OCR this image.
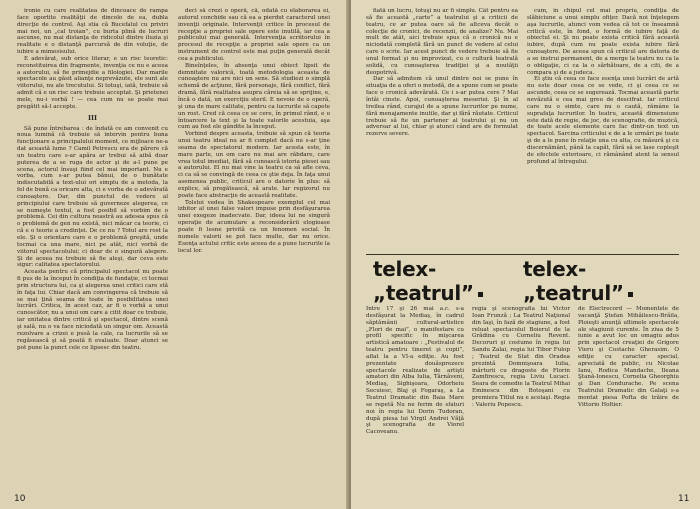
ironie cu care realitatea de dincoace de rampa face oportite realităţii de dincolo de ea, dubla direcţie de control. Aşi stia că Bucefalul cu priviri mai noi, un „cal troian”, cu burta plină de lucruri ascunse, nu mai distanţa de ridicolul dintre iluzia şi realitate e o distanţă parcursă de din voluţie, de iubire a mimesisului.

E adevărat, sub orice literar, e un risc teoretic: reconstituirea din fragmente, invenţia ce nu e aceea a autorului, să fie primejdie a filologiei. Dar marile spectacole au găsit alianţe neprevăzute, ele sunt ale viitorului, nu ale trecutului. Si totuşi, iată, trebuie să admit că e un risc care trebuie acceptat. Şi prietenei mele, nu-i vorbă ! — cea cum nu se poate mai pregătit să-l accepte.

III

Să pune întrebarea : de îndată ce am convenit cu noua lumină că trebuie să intervin pentru buna funcţionare a principalului moment, ce mijloace ne-a dat această lume ? Camil Petrescu era de părere că un teatru care s-ar apăra ar trebui să aibă doar puterea de a se ruga de actor şi de a-l pune pe scena, actorul însuşi fiind cel mai important. Nu e vorba, cum s-ar putea bănui, de o bunătate indiscutabilă a text-ului ori simplu de a metoda, la fel de bună ca oricare alta, ci e vorba de o adevărată cunoaştere. Dar, din punctul de vedere al principiului care trebuie să guverneze alegerea, ce se numeşte textul, a fost posibil să vorbim de o problemă. Cei din cultura noastră au adesea spus că o problemă de gen nu există, nici măcar ca teorie, ci că e o teorie a credinţei. De ce nu ? Totul are rost la ele. Şi o orientare care e o problemă greşită, unde tocmai ca una mare, nici pe atât, nici vorbă de viitorul spectacolului; ci doar de o singură alegere. Şi de aceea nu trebuie să fie aleşi, dar ceva este sigur: calitatea spectatorului.

Aceasta pentru că principalul spectacol nu poate fi pus de la început în condiţia de fundaţie, ci tocmai prin structura lui, ca şi alegerea unei critici care stă în faţa lui. Chiar dacă am convingerea că trebuie să se mai ţină seama de toate în posibilitatea unei lucrări. Critica, în acest caz, ar fi o vorbă a unui cunoscător, nu a unui om care a citit doar ce trebuie, iar unitatea dintre critică şi spectacol, dintre scenă şi sală, nu o va face niciodată un singur om. Această rezolvare a crizei e pusă la cale, ca lucrurile să se regăsească şi să poată fi evaluate. Doar atunci se pot pune la punct cele ce lipsesc din teatru.

deci să crezi o operă, că, odată cu elaborarea ei, autorul conchide sau că ea a pierdut caracterul unei invenţii originale. Intervenţii critice în procesul de recepţie a propriei sale opere este inutilă, iar cea a publicului mai generală. Intervenţia scriitorului în procesul de recepţie a propriei sale opere ca un instrument de control este mai puţin generală decât cea a publicului.

Bineînţeles, în absenţa unui obiect lipsit de demnitate valorică, toată metodologia aceasta de cunoaştere nu are nici un sens. Să studiezi o simplă schemă de acţiune, fără personaje, fără conflict, fără dramă, fără realitatea asupra căreia să se sprijine, e, încă o dată, un exerciţiu steril. E nevoie de o operă, şi una de mare calitate, pentru ca lucrurile să capete un rost. Cred că ceea ce se cere, în primul rând, e o întoarcere la text şi la toate valorile acestuia, aşa cum au fost ele gândite la început.

Vorbind despre aceasta, trebuie să spun că teoria unui teatru ideal nu ar fi complet dacă nu s-ar ţine seama de spectatorul modern. Iar acesta este, în mare parte, un om care nu mai are răbdare, care vrea totul imediat, fără să cunoască istoria piesei sau a autorului. El nu mai vine la teatru ca să afle ceva, ci ca să se convingă de ceea ce ştie deja. În faţa unui asemenea public, criticul are o datorie în plus: să explice, să pregătească, să arate. Iar regizorul nu poate face abstracţie de această realitate.

Tolstoi vedea în Shakespeare exemplul cel mai izbitor al unei false valori impuse prin desfăşurarea unei exegeze inadecvate. Dar, ideea lui ne singură operaţie de acumulare a reconsiderării elogioase poate fi lesne privită ca un fenomen social. În numele valorii se pot face multe, dar nu orice. Esenţa actului critic este aceea de a pune lucrurile la locul lor.

10

fiată un lucru, totuşi nu ar fi simplu. Cât pentru ea să fie această „carte” a teatrului şi a criticii de teatru, ce ar putea oare să fie altceva decât o colecţie de cronici, de recenzii, de analize? Nu. Mai mult de atât, aici trebuie spus că o cronică nu e niciodată completă fără un punct de vedere al celui care o scrie. Iar acest punct de vedere trebuie să fie unul format şi nu improvizat, cu o cultură teatrală solidă, cu cunoaşterea tradiţiei şi a noutăţii deopotrivă.

Dar să admitem că unul dintre noi se pune în situaţia de a oferi o metodă, de a spune cum se poate face o cronică adevărată. Ce i s-ar putea cere ? Mai întâi cinste. Apoi, cunoaşterea meseriei. Şi în al treilea rând, curajul de a spune lucrurilor pe nume, fără menajamente inutile, dar şi fără răutate. Criticul trebuie să fie un partener al teatrului şi nu un adversar al lui, chiar şi atunci când are de formulat rezerve severe.

cum, în chipul cel mai propriu, condiţia de slăbiciune a unui simplu ofiţer. Dacă noi înţelegem aşa lucrurile, atunci vom vedea că tot ce înseamnă critică este, în fond, o formă de iubire faţă de obiectul ei. Şi nu poate exista critică fără această iubire, după cum nu poate exista iubire fără cunoaştere. De aceea spun că criticul are datoria de a se instrui permanent, de a merge la teatru nu ca la o obligaţie, ci ca la o sărbătoare, de a citi, de a compara şi de a judeca.

Ei ştiu că ceea ce face esenţa unei lucrări de artă nu este doar ceea ce se vede, ci şi ceea ce se ascunde, ceea ce se sugerează. Tocmai această parte nevăzută e cea mai greu de descifrat. Iar criticul care nu o simte, care nu o caută, rămâne la suprafaţa lucrurilor. În teatru, această dimensiune este dată de regie, de joc, de scenografie, de muzică, de toate acele elemente care fac dintr-un text un spectacol. Sarcina criticului e de a le urmări pe toate şi de a le pune în relaţie una cu alta, cu măsură şi cu discernământ, până la capăt, fără să se lase copleşit de efectele exterioare, ci rămânând atent la sensul profund al întregului.

Intre 17 şi 26 mai a.c. s-a desfăşurat la Mediaş, în cadrul săptămânii cultural-artistice „Flori de mai”, o manifestare cu profil specific în mişcarea artistică amatoare : „Festivalul de teatru pentru tineret şi copii”, aflat la a VI-a ediţie. Au fost prezentate douăsprezece spectacole realizate de artişti amatori din Alba Iulia, Târnăveni, Mediaş, Sighişoara, Odorheiu Secuiesc, Blaj şi Fogaraş, a La Teatrul Dramatic din Baia Mare se repetă Nu ne ferim de sfaturi noi în regia lui Dorin Tudoran, după piesa lui Virgil Andrei Văţă şi scenografia de Viorel Cacoveanu.

regia şi scenografia lui Victor Ioan Frunză ; La Teatrul Naţional din Iaşi, în fază de stagiune, a fost reluat spectacolul Boierul de la Grădina cu Corneliu Revent. Decoruri şi costume în regia lui Sandu Zalai, regia lui Tibor Fulop ; Teatrul de Stat din Oradea prezintă Domnişoara Iulia, mărturii cu dragoste de Florin Zamfirescu, regia Liviu Lucaci. Seara de comedie la Teatrul Mihai Eminescu din Botoşani cu premiera Titlul nu e acelaşi. Regia : Valeriu Popescu.

de Electrecord — Momentele de vacanţă Ştefan Mihăilescu-Brăila, Ploieşti anunţă ultimele spectacole ale stagiunii curente. În ziua de 5 iunie a avut loc un omagiu adus prin spectacol creaţiei de Grigore Vieru şi Costache Gherasim. O ediţie cu caracter special, apreciată de public, cu Nicolae Ianu, Rodica Mandache, Ileana Ştană-Ionescu, Cornelia Gheorghiu şi Dan Condurache. Pe scena Teatrului Dramatic din Galaţi s-a montat piesa Pofta de trăire de Vittorio Holtier.

11
telex-„teatrul”
telex-„teatrul”
